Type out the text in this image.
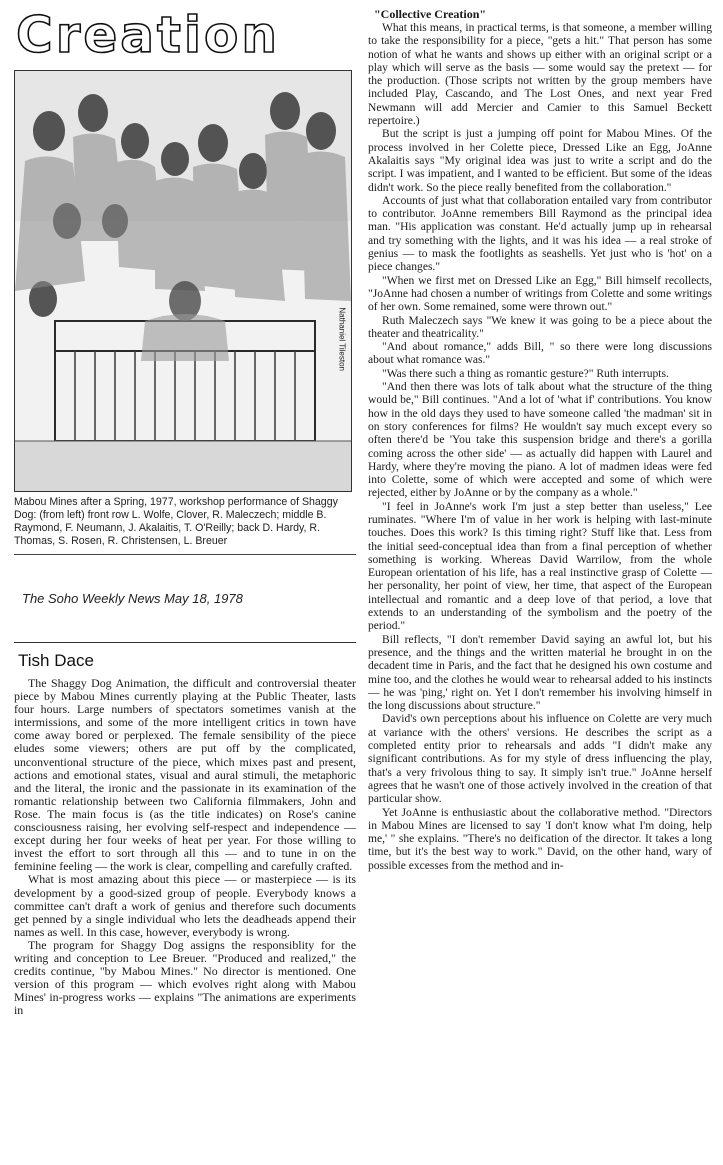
Creation
Nathaniel Tileston
Mabou Mines after a Spring, 1977, workshop performance of Shaggy Dog: (from left) front row L. Wolfe, Clover, R. Maleczech; middle B. Raymond, F. Neumann, J. Akalaitis, T. O'Reilly; back D. Hardy, R. Thomas, S. Rosen, R. Christensen, L. Breuer
The Soho Weekly News May 18, 1978
Tish Dace

The Shaggy Dog Animation, the difficult and controversial theater piece by Mabou Mines currently playing at the Public Theater, lasts four hours. Large numbers of spectators sometimes vanish at the intermissions, and some of the more intelligent critics in town have come away bored or perplexed. The female sensibility of the piece eludes some viewers; others are put off by the complicated, unconventional structure of the piece, which mixes past and present, actions and emotional states, visual and aural stimuli, the metaphoric and the literal, the ironic and the passionate in its examination of the romantic relationship between two California filmmakers, John and Rose. The main focus is (as the title indicates) on Rose's canine consciousness raising, her evolving self-respect and independence — except during her four weeks of heat per year. For those willing to invest the effort to sort through all this — and to tune in on the feminine feeling — the work is clear, compelling and carefully crafted.

What is most amazing about this piece — or masterpiece — is its development by a good-sized group of people. Everybody knows a committee can't draft a work of genius and therefore such documents get penned by a single individual who lets the deadheads append their names as well. In this case, however, everybody is wrong.

The program for Shaggy Dog assigns the responsiblity for the writing and conception to Lee Breuer. "Produced and realized," the credits continue, "by Mabou Mines." No director is mentioned. One version of this program — which evolves right along with Mabou Mines' in-progress works — explains "The animations are experiments in

"Collective Creation"

What this means, in practical terms, is that someone, a member willing to take the responsibility for a piece, "gets a hit." That person has some notion of what he wants and shows up either with an original script or a play which will serve as the basis — some would say the pretext — for the production. (Those scripts not written by the group members have included Play, Cascando, and The Lost Ones, and next year Fred Newmann will add Mercier and Camier to this Samuel Beckett repertoire.)

But the script is just a jumping off point for Mabou Mines. Of the process involved in her Colette piece, Dressed Like an Egg, JoAnne Akalaitis says "My original idea was just to write a script and do the script. I was impatient, and I wanted to be efficient. But some of the ideas didn't work. So the piece really benefited from the collaboration."

Accounts of just what that collaboration entailed vary from contributor to contributor. JoAnne remembers Bill Raymond as the principal idea man. "His application was constant. He'd actually jump up in rehearsal and try something with the lights, and it was his idea — a real stroke of genius — to mask the footlights as seashells. Yet just who is 'hot' on a piece changes."

"When we first met on Dressed Like an Egg," Bill himself recollects, "JoAnne had chosen a number of writings from Colette and some writings of her own. Some remained, some were thrown out."

Ruth Maleczech says "We knew it was going to be a piece about the theater and theatricality."

"And about romance," adds Bill, " so there were long discussions about what romance was."

"Was there such a thing as romantic gesture?" Ruth interrupts.

"And then there was lots of talk about what the structure of the thing would be," Bill continues. "And a lot of 'what if' contributions. You know how in the old days they used to have someone called 'the madman' sit in on story conferences for films? He wouldn't say much except every so often there'd be 'You take this suspension bridge and there's a gorilla coming across the other side' — as actually did happen with Laurel and Hardy, where they're moving the piano. A lot of madmen ideas were fed into Colette, some of which were accepted and some of which were rejected, either by JoAnne or by the company as a whole."

"I feel in JoAnne's work I'm just a step better than useless," Lee ruminates. "Where I'm of value in her work is helping with last-minute touches. Does this work? Is this timing right? Stuff like that. Less from the initial seed-conceptual idea than from a final perception of whether something is working. Whereas David Warrilow, from the whole European orientation of his life, has a real instinctive grasp of Colette — her personality, her point of view, her time, that aspect of the European intellectual and romantic and a deep love of that period, a love that extends to an understanding of the symbolism and the poetry of the period."

Bill reflects, "I don't remember David saying an awful lot, but his presence, and the things and the written material he brought in on the decadent time in Paris, and the fact that he designed his own costume and mine too, and the clothes he would wear to rehearsal added to his instincts — he was 'ping,' right on. Yet I don't remember his involving himself in the long discussions about structure."

David's own perceptions about his influence on Colette are very much at variance with the others' versions. He describes the script as a completed entity prior to rehearsals and adds "I didn't make any significant contributions. As for my style of dress influencing the play, that's a very frivolous thing to say. It simply isn't true." JoAnne herself agrees that he wasn't one of those actively involved in the creation of that particular show.

Yet JoAnne is enthusiastic about the collaborative method. "Directors in Mabou Mines are licensed to say 'I don't know what I'm doing, help me,' " she explains. "There's no deification of the director. It takes a long time, but it's the best way to work." David, on the other hand, wary of possible excesses from the method and in-
